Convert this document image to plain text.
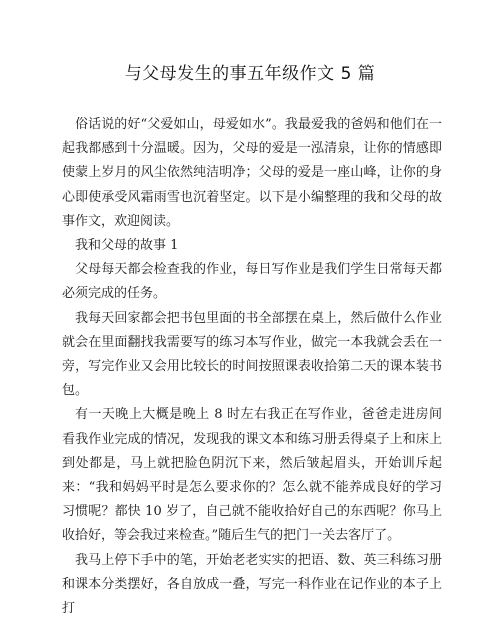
与父母发生的事五年级作文 5 篇

俗话说的好“父爱如山，母爱如水”。我最爱我的爸妈和他们在一起我都感到十分温暖。因为，父母的爱是一泓清泉，让你的情感即使蒙上岁月的风尘依然纯洁明净；父母的爱是一座山峰，让你的身心即使承受风霜雨雪也沉着坚定。以下是小编整理的我和父母的故事作文，欢迎阅读。

我和父母的故事 1

父母每天都会检查我的作业，每日写作业是我们学生日常每天都必须完成的任务。

我每天回家都会把书包里面的书全部摆在桌上，然后做什么作业就会在里面翻找我需要写的练习本写作业，做完一本我就会丢在一旁，写完作业又会用比较长的时间按照课表收拾第二天的课本装书包。

有一天晚上大概是晚上 8 时左右我正在写作业，爸爸走进房间看我作业完成的情况，发现我的课文本和练习册丢得桌子上和床上到处都是，马上就把脸色阴沉下来，然后皱起眉头，开始训斥起来：“我和妈妈平时是怎么要求你的？怎么就不能养成良好的学习习惯呢？都快 10 岁了，自己就不能收拾好自己的东西呢？你马上收拾好，等会我过来检查。”随后生气的把门一关去客厅了。

我马上停下手中的笔，开始老老实实的把语、数、英三科练习册和课本分类摆好，各自放成一叠，写完一科作业在记作业的本子上打
